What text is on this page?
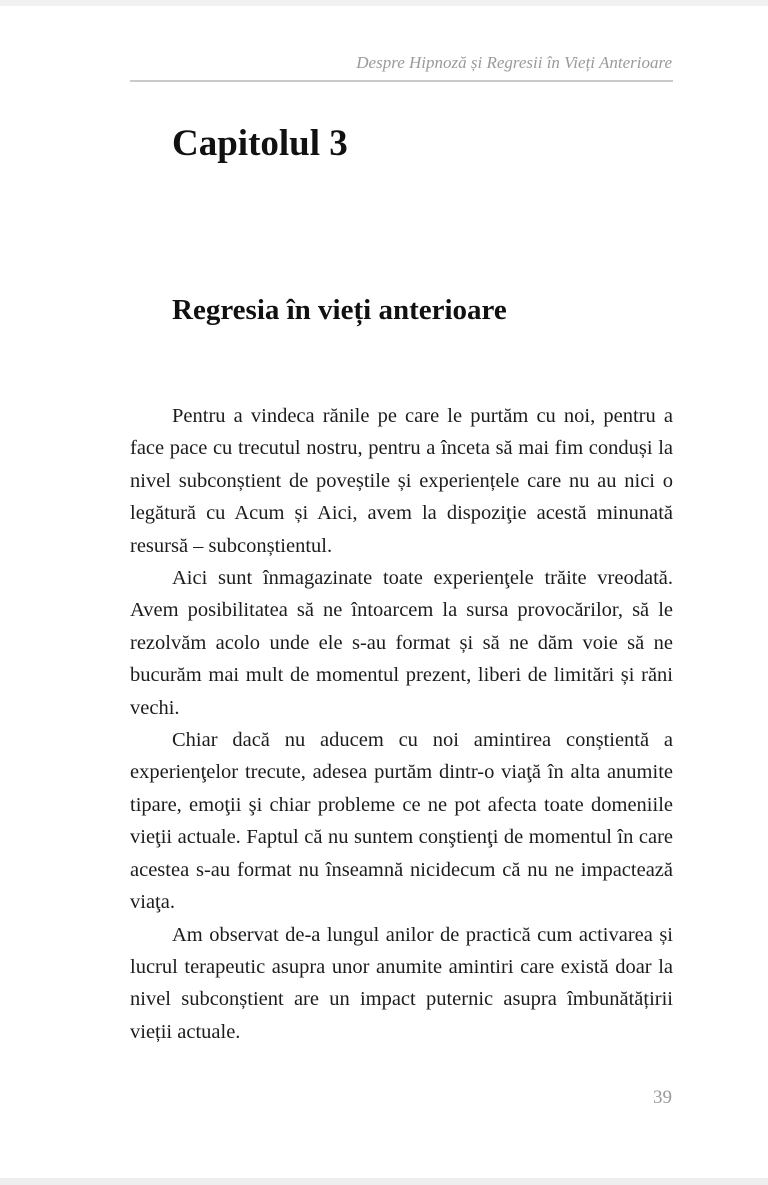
Despre Hipnoză și Regresii în Vieți Anterioare
Capitolul 3
Regresia în vieți anterioare

Pentru a vindeca rănile pe care le purtăm cu noi, pentru a face pace cu trecutul nostru, pentru a înceta să mai fim conduși la nivel subconștient de poveștile și experiențele care nu au nici o legătură cu Acum și Aici, avem la dispoziţie acestă minunată resursă – subconștientul.

Aici sunt înmagazinate toate experienţele trăite vreodată. Avem posibilitatea să ne întoarcem la sursa provocărilor, să le rezolvăm acolo unde ele s-au format și să ne dăm voie să ne bucurăm mai mult de momentul prezent, liberi de limitări și răni vechi.

Chiar dacă nu aducem cu noi amintirea conștientă a experienţelor trecute, adesea purtăm dintr-o viaţă în alta anumite tipare, emoţii şi chiar probleme ce ne pot afecta toate domeniile vieţii actuale. Faptul că nu suntem conştienţi de momentul în care acestea s-au format nu înseamnă nicidecum că nu ne impactează viaţa.

Am observat de-a lungul anilor de practică cum activarea și lucrul terapeutic asupra unor anumite amintiri care există doar la nivel subconștient are un impact puternic asupra îmbunătățirii vieții actuale.

39
